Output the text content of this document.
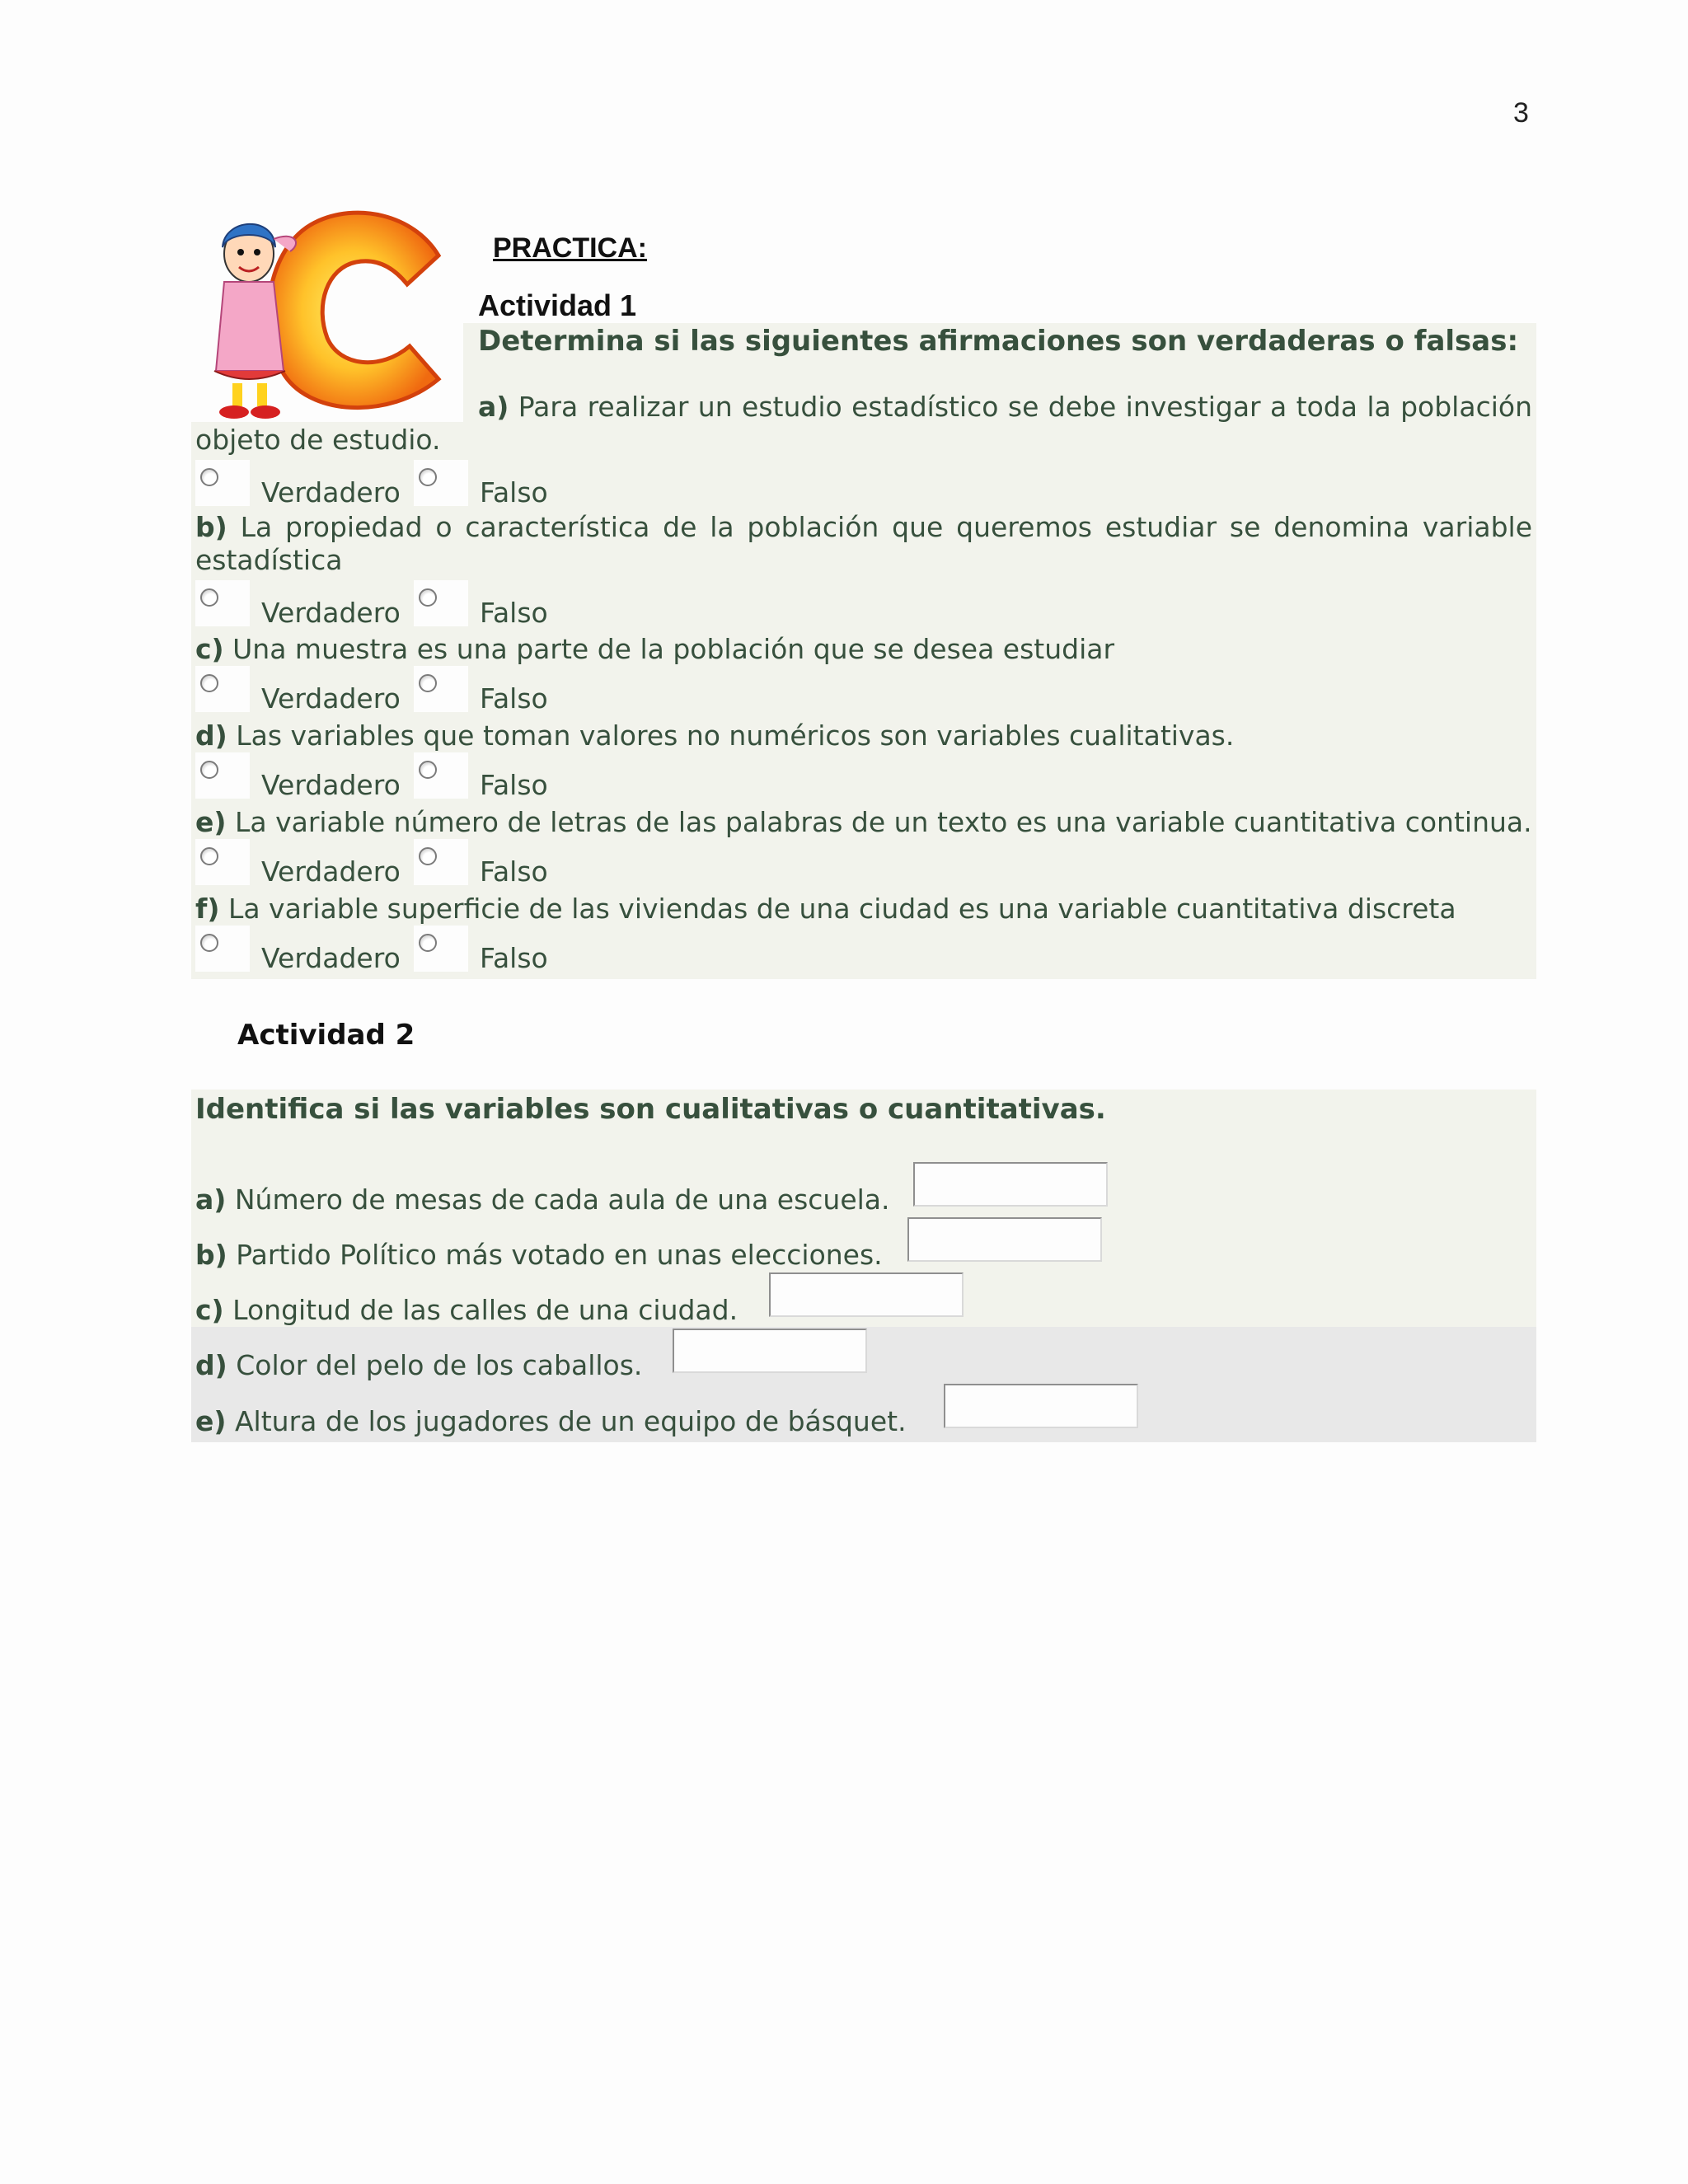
3
PRACTICA:
Actividad 1
Determina si las siguientes afirmaciones son verdaderas o falsas:
a) Para realizar un estudio estadístico se debe investigar a toda la población objeto de estudio.
Verdadero	Falso
b) La propiedad o característica de la población que queremos estudiar se denomina variable estadística
Verdadero	Falso
c) Una muestra es una parte de la población que se desea estudiar
Verdadero	Falso
d) Las variables que toman valores no numéricos son variables cualitativas.
Verdadero	Falso
e) La variable número de letras de las palabras de un texto es una variable cuantitativa continua.
Verdadero	Falso
f) La variable superficie de las viviendas de una ciudad es una variable cuantitativa discreta
Verdadero	Falso
Actividad 2
Identifica si las variables son cualitativas o cuantitativas.
a) Número de mesas de cada aula de una escuela.
b) Partido Político más votado en unas elecciones.
c) Longitud de las calles de una ciudad.
d) Color del pelo de los caballos.
e) Altura de los jugadores de un equipo de básquet.
